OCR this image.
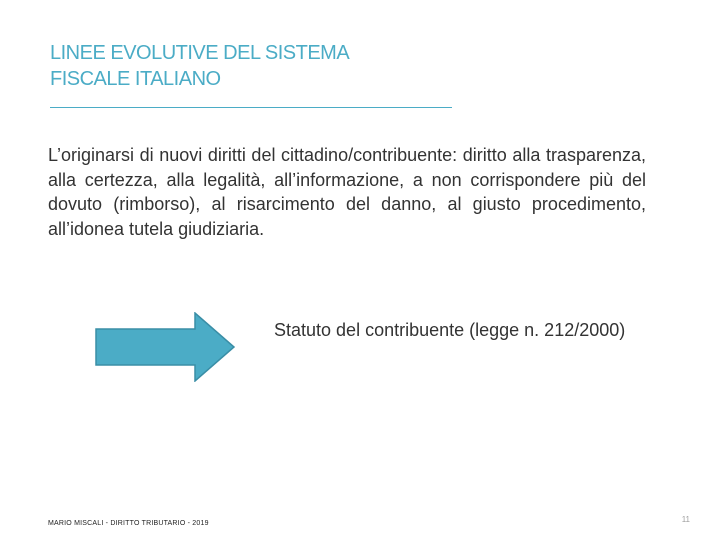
LINEE EVOLUTIVE DEL SISTEMA
FISCALE ITALIANO
L’originarsi di nuovi diritti del cittadino/contribuente: diritto alla trasparenza, alla certezza, alla legalità, all’informazione, a non corrispondere più del dovuto (rimborso), al risarcimento del danno, al giusto procedimento, all’idonea tutela giudiziaria.
Statuto del contribuente (legge n. 212/2000)
MARIO MISCALI - DIRITTO TRIBUTARIO - 2019	11
